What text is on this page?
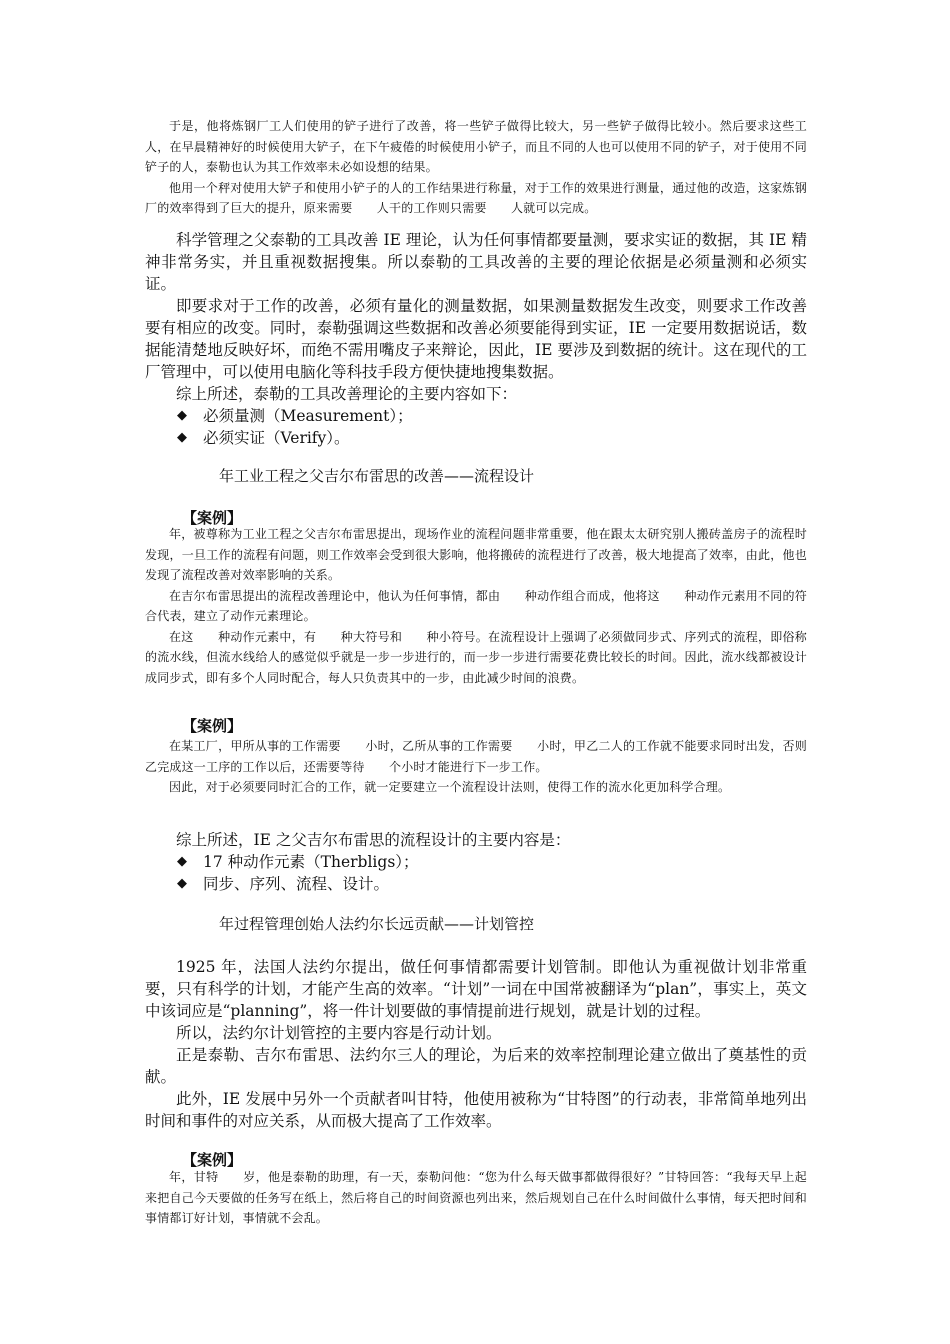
于是，他将炼钢厂工人们使用的铲子进行了改善，将一些铲子做得比较大，另一些铲子做得比较小。然后要求这些工人，在早晨精神好的时候使用大铲子，在下午疲倦的时候使用小铲子，而且不同的人也可以使用不同的铲子，对于使用不同铲子的人，泰勒也认为其工作效率未必如设想的结果。

他用一个秤对使用大铲子和使用小铲子的人的工作结果进行称量，对于工作的效果进行测量，通过他的改造，这家炼钢厂的效率得到了巨大的提升，原来需要　　人干的工作则只需要　　人就可以完成。

科学管理之父泰勒的工具改善 IE 理论，认为任何事情都要量测，要求实证的数据，其 IE 精神非常务实，并且重视数据搜集。所以泰勒的工具改善的主要的理论依据是必须量测和必须实证。

即要求对于工作的改善，必须有量化的测量数据，如果测量数据发生改变，则要求工作改善要有相应的改变。同时，泰勒强调这些数据和改善必须要能得到实证，IE 一定要用数据说话，数据能清楚地反映好坏，而绝不需用嘴皮子来辩论，因此，IE 要涉及到数据的统计。这在现代的工厂管理中，可以使用电脑化等科技手段方便快捷地搜集数据。

综上所述，泰勒的工具改善理论的主要内容如下：

◆	必须量测（Measurement）；
◆	必须实证（Verify）。

年工业工程之父吉尔布雷思的改善——流程设计

【案例】

年，被尊称为工业工程之父吉尔布雷思提出，现场作业的流程问题非常重要，他在跟太太研究别人搬砖盖房子的流程时发现，一旦工作的流程有问题，则工作效率会受到很大影响，他将搬砖的流程进行了改善，极大地提高了效率，由此，他也发现了流程改善对效率影响的关系。

在吉尔布雷思提出的流程改善理论中，他认为任何事情，都由　　种动作组合而成，他将这　　种动作元素用不同的符合代表，建立了动作元素理论。

在这　　种动作元素中，有　　种大符号和　　种小符号。在流程设计上强调了必须做同步式、序列式的流程，即俗称的流水线，但流水线给人的感觉似乎就是一步一步进行的，而一步一步进行需要花费比较长的时间。因此，流水线都被设计成同步式，即有多个人同时配合，每人只负责其中的一步，由此减少时间的浪费。

【案例】

在某工厂，甲所从事的工作需要　　小时，乙所从事的工作需要　　小时，甲乙二人的工作就不能要求同时出发，否则乙完成这一工序的工作以后，还需要等待　　个小时才能进行下一步工作。

因此，对于必须要同时汇合的工作，就一定要建立一个流程设计法则，使得工作的流水化更加科学合理。

综上所述，IE 之父吉尔布雷思的流程设计的主要内容是：

◆	17 种动作元素（Therbligs）；
◆	同步、序列、流程、设计。

年过程管理创始人法约尔长远贡献——计划管控

1925 年，法国人法约尔提出，做任何事情都需要计划管制。即他认为重视做计划非常重要，只有科学的计划，才能产生高的效率。“计划”一词在中国常被翻译为“plan”，事实上，英文中该词应是“planning”，将一件计划要做的事情提前进行规划，就是计划的过程。

所以，法约尔计划管控的主要内容是行动计划。

正是泰勒、吉尔布雷思、法约尔三人的理论，为后来的效率控制理论建立做出了奠基性的贡献。

此外，IE 发展中另外一个贡献者叫甘特，他使用被称为“甘特图”的行动表，非常简单地列出时间和事件的对应关系，从而极大提高了工作效率。

【案例】

年，甘特　　岁，他是泰勒的助理，有一天，泰勒问他：“您为什么每天做事都做得很好？”甘特回答：“我每天早上起来把自己今天要做的任务写在纸上，然后将自己的时间资源也列出来，然后规划自己在什么时间做什么事情，每天把时间和事情都订好计划，事情就不会乱。
